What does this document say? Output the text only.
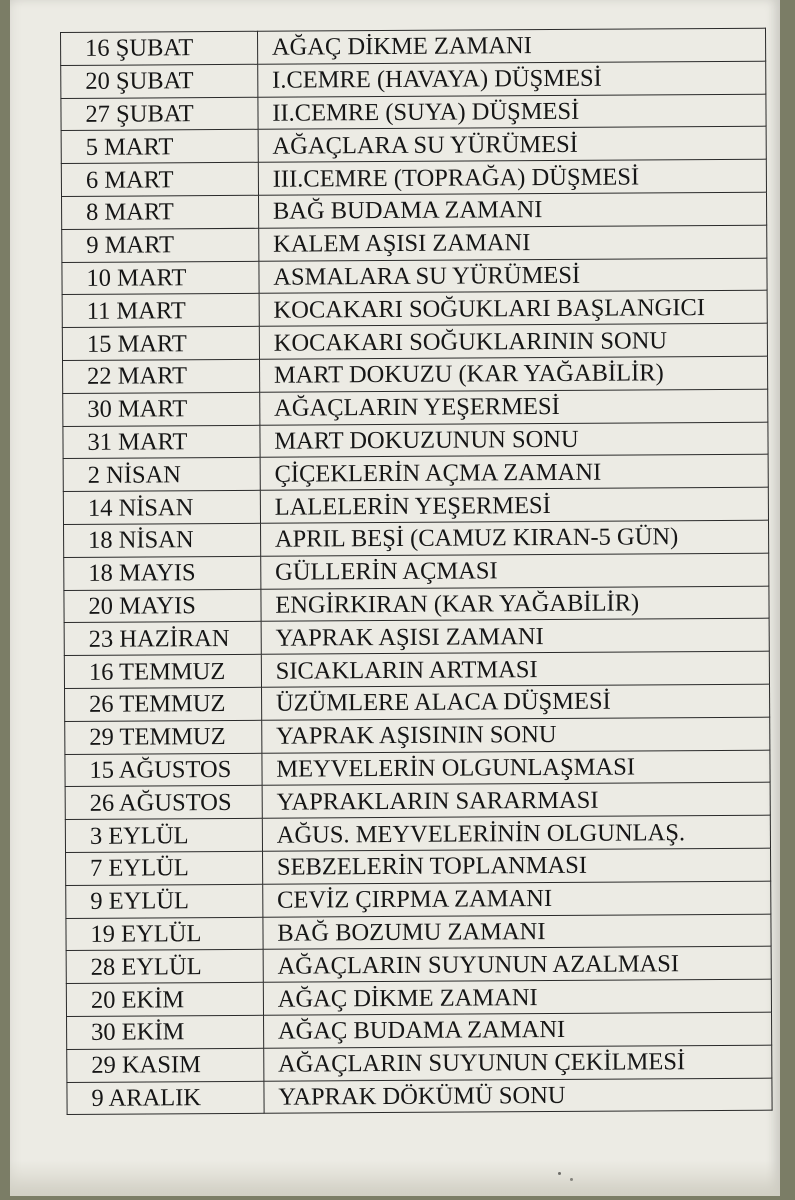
16 ŞUBAT	AĞAÇ DİKME ZAMANI
20 ŞUBAT	I.CEMRE (HAVAYA) DÜŞMESİ
27 ŞUBAT	II.CEMRE (SUYA) DÜŞMESİ
5 MART	AĞAÇLARA SU YÜRÜMESİ
6 MART	III.CEMRE (TOPRAĞA) DÜŞMESİ
8 MART	BAĞ BUDAMA ZAMANI
9 MART	KALEM AŞISI ZAMANI
10 MART	ASMALARA SU YÜRÜMESİ
11 MART	KOCAKARI SOĞUKLARI BAŞLANGICI
15 MART	KOCAKARI SOĞUKLARININ SONU
22 MART	MART DOKUZU (KAR YAĞABİLİR)
30 MART	AĞAÇLARIN YEŞERMESİ
31 MART	MART DOKUZUNUN SONU
2 NİSAN	ÇİÇEKLERİN AÇMA ZAMANI
14 NİSAN	LALELERİN YEŞERMESİ
18 NİSAN	APRIL BEŞİ (CAMUZ KIRAN-5 GÜN)
18 MAYIS	GÜLLERİN AÇMASI
20 MAYIS	ENGİRKIRAN (KAR YAĞABİLİR)
23 HAZİRAN	YAPRAK AŞISI ZAMANI
16 TEMMUZ	SICAKLARIN ARTMASI
26 TEMMUZ	ÜZÜMLERE ALACA DÜŞMESİ
29 TEMMUZ	YAPRAK AŞISININ SONU
15 AĞUSTOS	MEYVELERİN OLGUNLAŞMASI
26 AĞUSTOS	YAPRAKLARIN SARARMASI
3 EYLÜL	AĞUS. MEYVELERİNİN OLGUNLAŞ.
7 EYLÜL	SEBZELERİN TOPLANMASI
9 EYLÜL	CEVİZ ÇIRPMA ZAMANI
19 EYLÜL	BAĞ BOZUMU ZAMANI
28 EYLÜL	AĞAÇLARIN SUYUNUN AZALMASI
20 EKİM	AĞAÇ DİKME ZAMANI
30 EKİM	AĞAÇ BUDAMA ZAMANI
29 KASIM	AĞAÇLARIN SUYUNUN ÇEKİLMESİ
9 ARALIK	YAPRAK DÖKÜMÜ SONU
